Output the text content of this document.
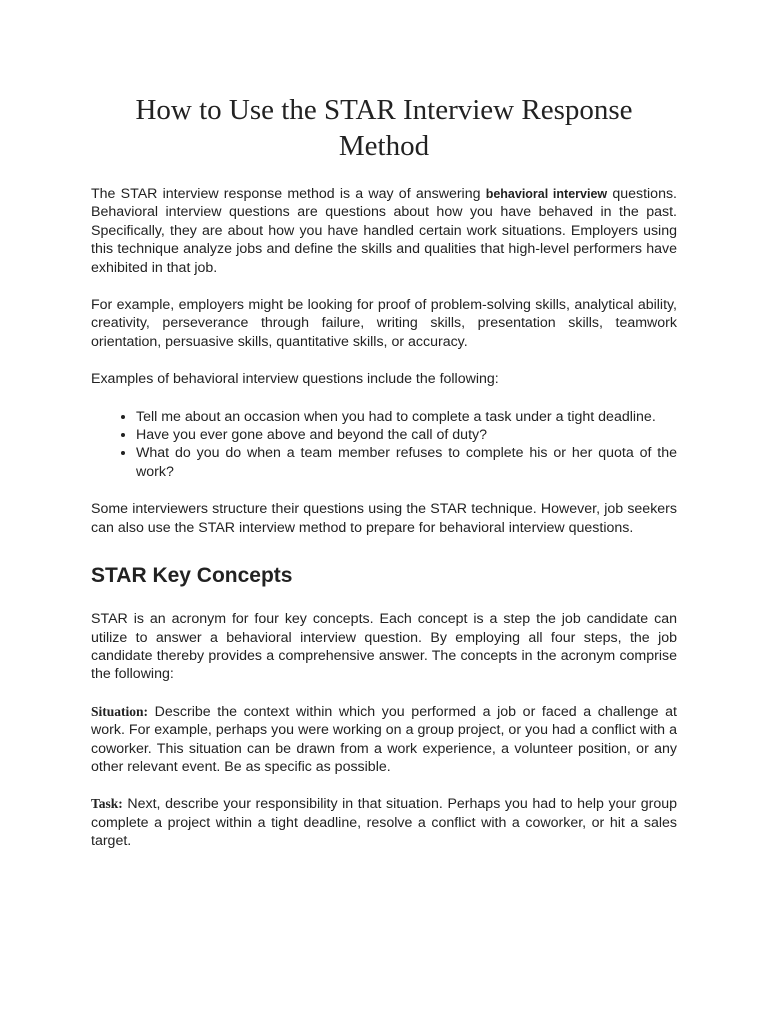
How to Use the STAR Interview Response Method

The STAR interview response method is a way of answering behavioral interview questions. Behavioral interview questions are questions about how you have behaved in the past. Specifically, they are about how you have handled certain work situations. Employers using this technique analyze jobs and define the skills and qualities that high-level performers have exhibited in that job.

For example, employers might be looking for proof of problem-solving skills, analytical ability, creativity, perseverance through failure, writing skills, presentation skills, teamwork orientation, persuasive skills, quantitative skills, or accuracy.

Examples of behavioral interview questions include the following:

• Tell me about an occasion when you had to complete a task under a tight deadline.
• Have you ever gone above and beyond the call of duty?
• What do you do when a team member refuses to complete his or her quota of the work?

Some interviewers structure their questions using the STAR technique. However, job seekers can also use the STAR interview method to prepare for behavioral interview questions.

STAR Key Concepts

STAR is an acronym for four key concepts. Each concept is a step the job candidate can utilize to answer a behavioral interview question. By employing all four steps, the job candidate thereby provides a comprehensive answer. The concepts in the acronym comprise the following:

Situation: Describe the context within which you performed a job or faced a challenge at work. For example, perhaps you were working on a group project, or you had a conflict with a coworker. This situation can be drawn from a work experience, a volunteer position, or any other relevant event. Be as specific as possible.

Task: Next, describe your responsibility in that situation. Perhaps you had to help your group complete a project within a tight deadline, resolve a conflict with a coworker, or hit a sales target.
